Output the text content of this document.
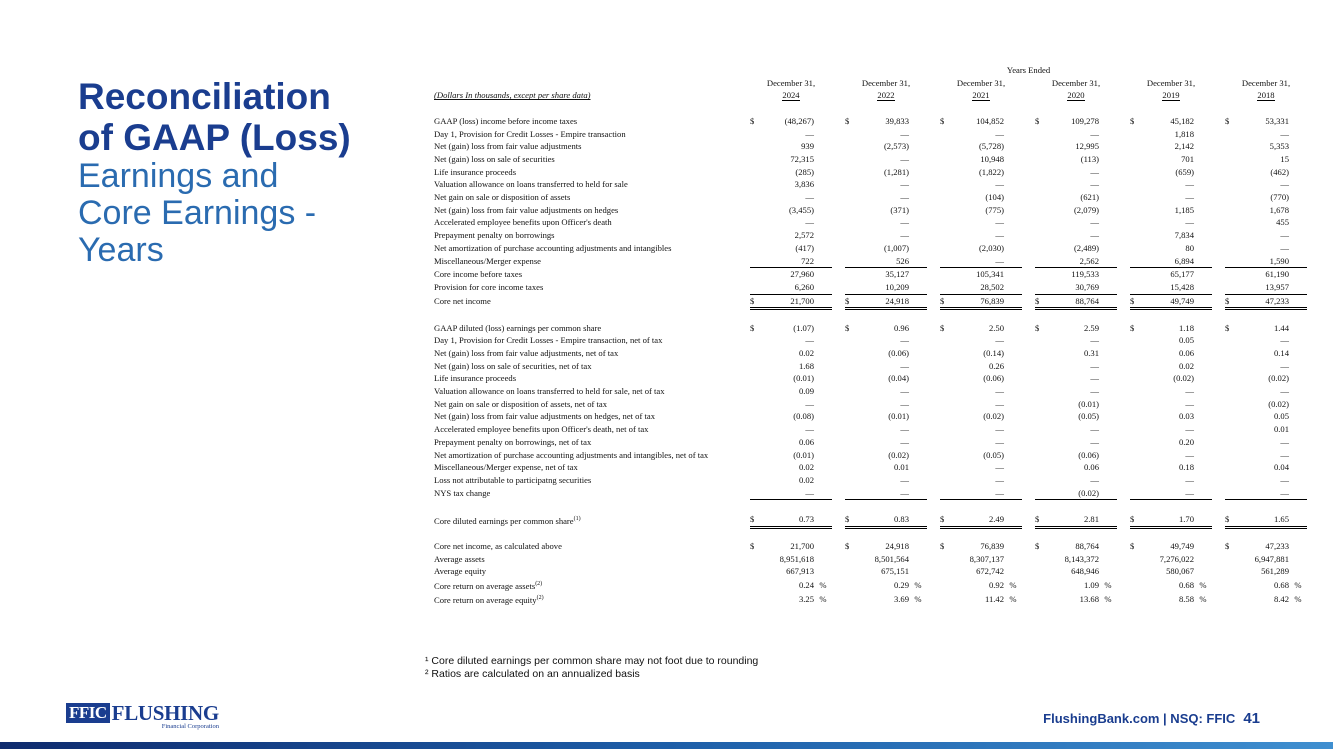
Reconciliation
of GAAP (Loss)
Earnings and
Core Earnings -
Years
	Years Ended																						
	December 31,				December 31,				December 31,				December 31,				December 31,				December 31,		
(Dollars In thousands, except per share data)	2024				2022				2021				2020				2019				2018		

GAAP (loss) income before income taxes	$	(48,267)			$	39,833			$	104,852			$	109,278			$	45,182			$	53,331	
Day 1, Provision for Credit Losses - Empire transaction		—				—				—				—				1,818				—	
Net (gain) loss from fair value adjustments		939				(2,573)				(5,728)				12,995				2,142				5,353	
Net (gain) loss on sale of securities		72,315				—				10,948				(113)				701				15	
Life insurance proceeds		(285)				(1,281)				(1,822)				—				(659)				(462)	
Valuation allowance on loans transferred to held for sale		3,836				—				—				—				—				—	
Net gain on sale or disposition of assets		—				—				(104)				(621)				—				(770)	
Net (gain) loss from fair value adjustments on hedges		(3,455)				(371)				(775)				(2,079)				1,185				1,678	
Accelerated employee benefits upon Officer's death		—				—				—				—				—				455	
Prepayment penalty on borrowings		2,572				—				—				—				7,834				—	
Net amortization of purchase accounting adjustments and intangibles		(417)				(1,007)				(2,030)				(2,489)				80				—	
Miscellaneous/Merger expense		722				526				—				2,562				6,894				1,590	
Core income before taxes		27,960				35,127				105,341				119,533				65,177				61,190	
Provision for core income taxes		6,260				10,209				28,502				30,769				15,428				13,957	
Core net income	$	21,700			$	24,918			$	76,839			$	88,764			$	49,749			$	47,233	

GAAP diluted (loss) earnings per common share	$	(1.07)			$	0.96			$	2.50			$	2.59			$	1.18			$	1.44	
Day 1, Provision for Credit Losses - Empire transaction, net of tax		—				—				—				—				0.05				—	
Net (gain) loss from fair value adjustments, net of tax		0.02				(0.06)				(0.14)				0.31				0.06				0.14	
Net (gain) loss on sale of securities, net of tax		1.68				—				0.26				—				0.02				—	
Life insurance proceeds		(0.01)				(0.04)				(0.06)				—				(0.02)				(0.02)	
Valuation allowance on loans transferred to held for sale, net of tax		0.09				—				—				—				—				—	
Net gain on sale or disposition of assets, net of tax		—				—				—				(0.01)				—				(0.02)	
Net (gain) loss from fair value adjustments on hedges, net of tax		(0.08)				(0.01)				(0.02)				(0.05)				0.03				0.05	
Accelerated employee benefits upon Officer's death, net of tax		—				—				—				—				—				0.01	
Prepayment penalty on borrowings, net of tax		0.06				—				—				—				0.20				—	
Net amortization of purchase accounting adjustments and intangibles, net of tax		(0.01)				(0.02)				(0.05)				(0.06)				—				—	
Miscellaneous/Merger expense, net of tax		0.02				0.01				—				0.06				0.18				0.04	
Loss not attributable to participatng securities		0.02				—				—				—				—				—	
NYS tax change		—				—				—				(0.02)				—				—	

Core diluted earnings per common share$^{(1)}$	$	0.73			$	0.83			$	2.49			$	2.81			$	1.70			$	1.65	

Core net income, as calculated above	$	21,700			$	24,918			$	76,839			$	88,764			$	49,749			$	47,233	
Average assets		8,951,618				8,501,564				8,307,137				8,143,372				7,276,022				6,947,881	
Average equity		667,913				675,151				672,742				648,946				580,067				561,289	
Core return on average assets$^{(2)}$		0.24	%			0.29	%			0.92	%			1.09	%			0.68	%			0.68	%
Core return on average equity$^{(2)}$		3.25	%			3.69	%			11.42	%			13.68	%			8.58	%			8.42	%
¹ Core diluted earnings per common share may not foot due to rounding
² Ratios are calculated on an annualized basis
FFIC FLUSHING
Financial Corporation
FlushingBank.com | NSQ: FFIC 41
